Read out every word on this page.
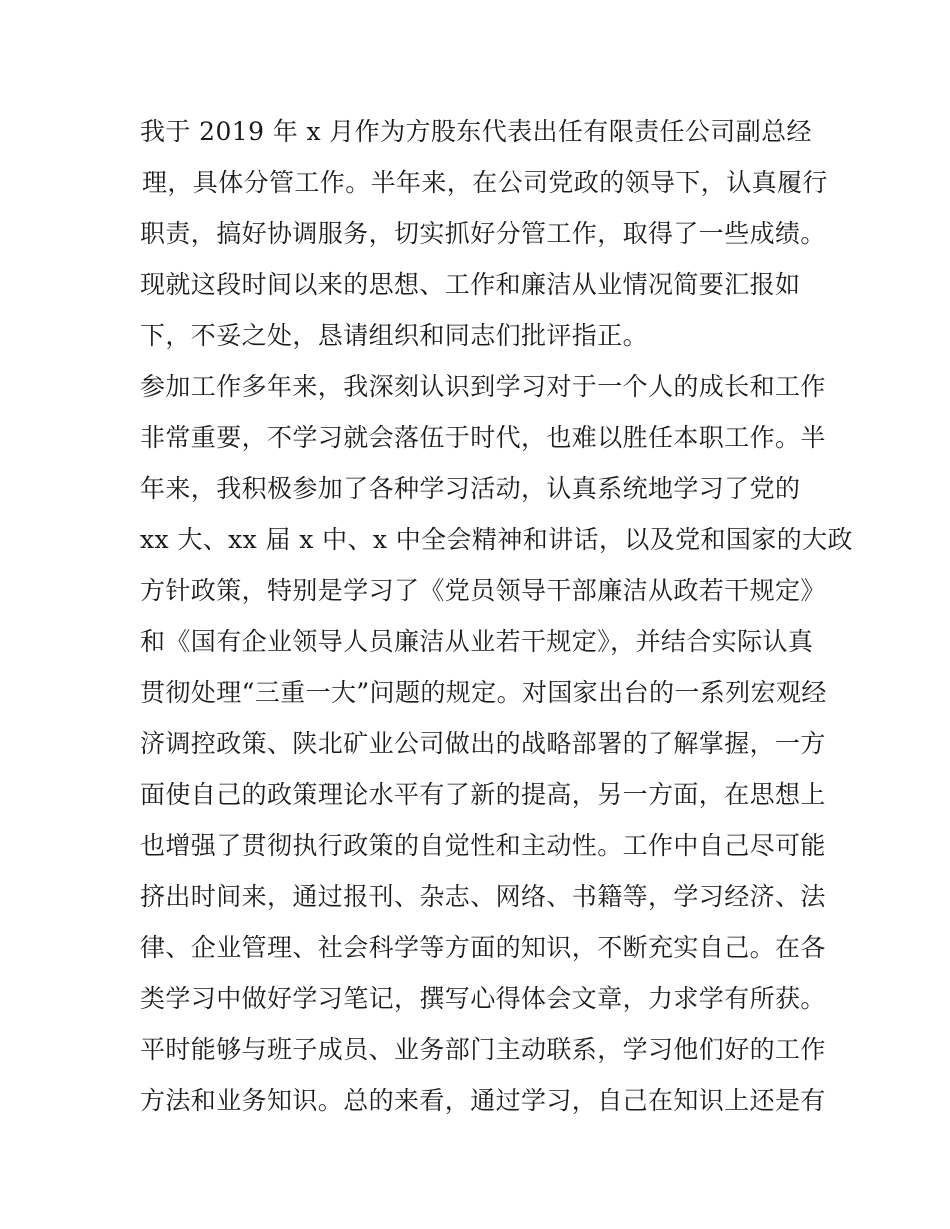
我于 2019 年 x 月作为方股东代表出任有限责任公司副总经
理，具体分管工作。半年来，在公司党政的领导下，认真履行
职责，搞好协调服务，切实抓好分管工作，取得了一些成绩。
现就这段时间以来的思想、工作和廉洁从业情况简要汇报如
下，不妥之处，恳请组织和同志们批评指正。
参加工作多年来，我深刻认识到学习对于一个人的成长和工作
非常重要，不学习就会落伍于时代，也难以胜任本职工作。半
年来，我积极参加了各种学习活动，认真系统地学习了党的
xx 大、xx 届 x 中、x 中全会精神和讲话，以及党和国家的大政
方针政策，特别是学习了《党员领导干部廉洁从政若干规定》
和《国有企业领导人员廉洁从业若干规定》，并结合实际认真
贯彻处理“三重一大”问题的规定。对国家出台的一系列宏观经
济调控政策、陕北矿业公司做出的战略部署的了解掌握，一方
面使自己的政策理论水平有了新的提高，另一方面，在思想上
也增强了贯彻执行政策的自觉性和主动性。工作中自己尽可能
挤出时间来，通过报刊、杂志、网络、书籍等，学习经济、法
律、企业管理、社会科学等方面的知识，不断充实自己。在各
类学习中做好学习笔记，撰写心得体会文章，力求学有所获。
平时能够与班子成员、业务部门主动联系，学习他们好的工作
方法和业务知识。总的来看，通过学习，自己在知识上还是有
